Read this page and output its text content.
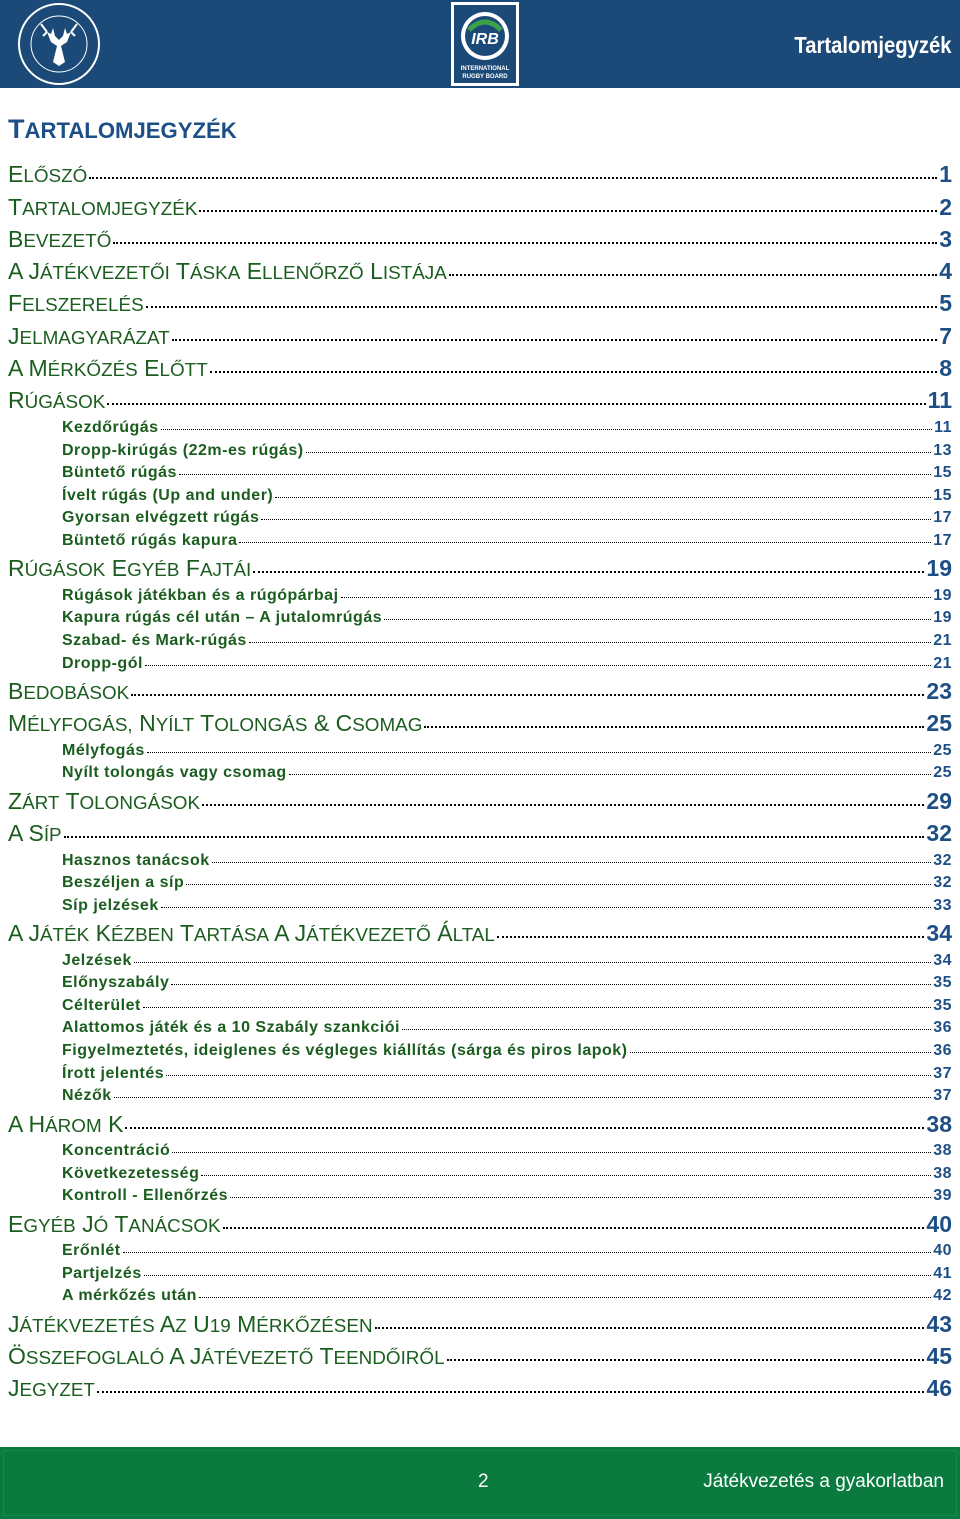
IRB
INTERNATIONAL
RUGBY BOARD
Tartalomjegyzék
TARTALOMJEGYZÉK
ELŐSZÓ	1
TARTALOMJEGYZÉK	2
BEVEZETŐ	3
A JÁTÉKVEZETŐI TÁSKA ELLENŐRZŐ LISTÁJA	4
FELSZERELÉS	5
JELMAGYARÁZAT	7
A MÉRKŐZÉS ELŐTT	8
RÚGÁSOK	11
Kezdőrúgás	11
Dropp-kirúgás (22m-es rúgás)	13
Büntető rúgás	15
Ívelt rúgás (Up and under)	15
Gyorsan elvégzett rúgás	17
Büntető rúgás kapura	17
RÚGÁSOK EGYÉB FAJTÁI	19
Rúgások játékban és a rúgópárbaj	19
Kapura rúgás cél után – A jutalomrúgás	19
Szabad- és Mark-rúgás	21
Dropp-gól	21
BEDOBÁSOK	23
MÉLYFOGÁS, NYÍLT TOLONGÁS & CSOMAG	25
Mélyfogás	25
Nyílt tolongás vagy csomag	25
ZÁRT TOLONGÁSOK	29
A SÍP	32
Hasznos tanácsok	32
Beszéljen a síp	32
Síp jelzések	33
A JÁTÉK KÉZBEN TARTÁSA A JÁTÉKVEZETŐ ÁLTAL	34
Jelzések	34
Előnyszabály	35
Célterület	35
Alattomos játék és a 10 Szabály szankciói	36
Figyelmeztetés, ideiglenes és végleges kiállítás (sárga és piros lapok)	36
Írott jelentés	37
Nézők	37
A HÁROM K	38
Koncentráció	38
Következetesség	38
Kontroll - Ellenőrzés	39
EGYÉB JÓ TANÁCSOK	40
Erőnlét	40
Partjelzés	41
A mérkőzés után	42
JÁTÉKVEZETÉS AZ U19 MÉRKŐZÉSEN	43
ÖSSZEFOGLALÓ A JÁTÉVEZETŐ TEENDŐIRŐL	45
JEGYZET	46
2	Játékvezetés a gyakorlatban
